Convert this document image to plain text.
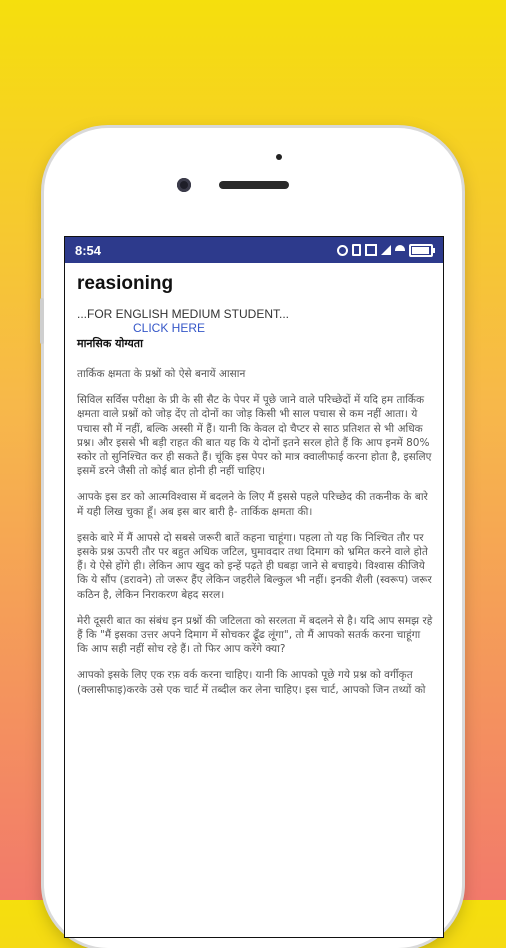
8:54
reasioning

...FOR ENGLISH MEDIUM STUDENT...

CLICK HERE
मानसिक योग्यता

तार्किक क्षमता के प्रश्नों को ऐसे बनायें आसान

सिविल सर्विस परीक्षा के प्री के सी सैट के पेपर में पूछे जाने वाले परिच्छेदों में यदि हम तार्किक क्षमता वाले प्रश्नों को जोड़ देंए तो दोनों का जोड़ किसी भी साल पचास से कम नहीं आता। ये पचास सौ में नहीं, बल्कि अस्सी में हैं। यानी कि केवल दो चैप्टर से साठ प्रतिशत से भी अधिक प्रश्न। और इससे भी बड़ी राहत की बात यह कि ये दोनों इतने सरल होते हैं कि आप इनमें 80% स्कोर तो सुनिश्चित कर ही सकते हैं। चूंकि इस पेपर को मात्र क्वालीफाई करना होता है, इसलिए इसमें डरने जैसी तो कोई बात होनी ही नहीं चाहिए।

आपके इस डर को आत्मविश्वास में बदलने के लिए मैं इससे पहले परिच्छेद की तकनीक के बारे में यही लिख चुका हूँ। अब इस बार बारी है- तार्किक क्षमता की।

इसके बारे में मैं आपसे दो सबसे जरूरी बातें कहना चाहूंगा। पहला तो यह कि निश्चित तौर पर इसके प्रश्न ऊपरी तौर पर बहुत अधिक जटिल, घुमावदार तथा दिमाग को भ्रमित करने वाले होते हैं। ये ऐसे होंगे ही। लेकिन आप खुद को इन्हें पढ़ते ही घबड़ा जाने से बचाइये। विश्वास कीजिये कि ये सौंप (डरावने) तो जरूर हैंए लेकिन जहरीले बिल्कुल भी नहीं। इनकी शैली (स्वरूप) जरूर कठिन है, लेकिन निराकरण बेहद सरल।

मेरी दूसरी बात का संबंध इन प्रश्नों की जटिलता को सरलता में बदलने से है। यदि आप समझ रहे हैं कि "मैं इसका उत्तर अपने दिमाग में सोचकर ढूँढ लूंगा", तो मैं आपको सतर्क करना चाहूंगा कि आप सही नहीं सोच रहे हैं। तो फिर आप करेंगे क्या?

आपको इसके लिए एक रफ़ वर्क करना चाहिए। यानी कि आपको पूछे गये प्रश्न को वर्गीकृत (क्लासीफाइ)करके उसे एक चार्ट में तब्दील कर लेना चाहिए। इस चार्ट, आपको जिन तथ्यों को
